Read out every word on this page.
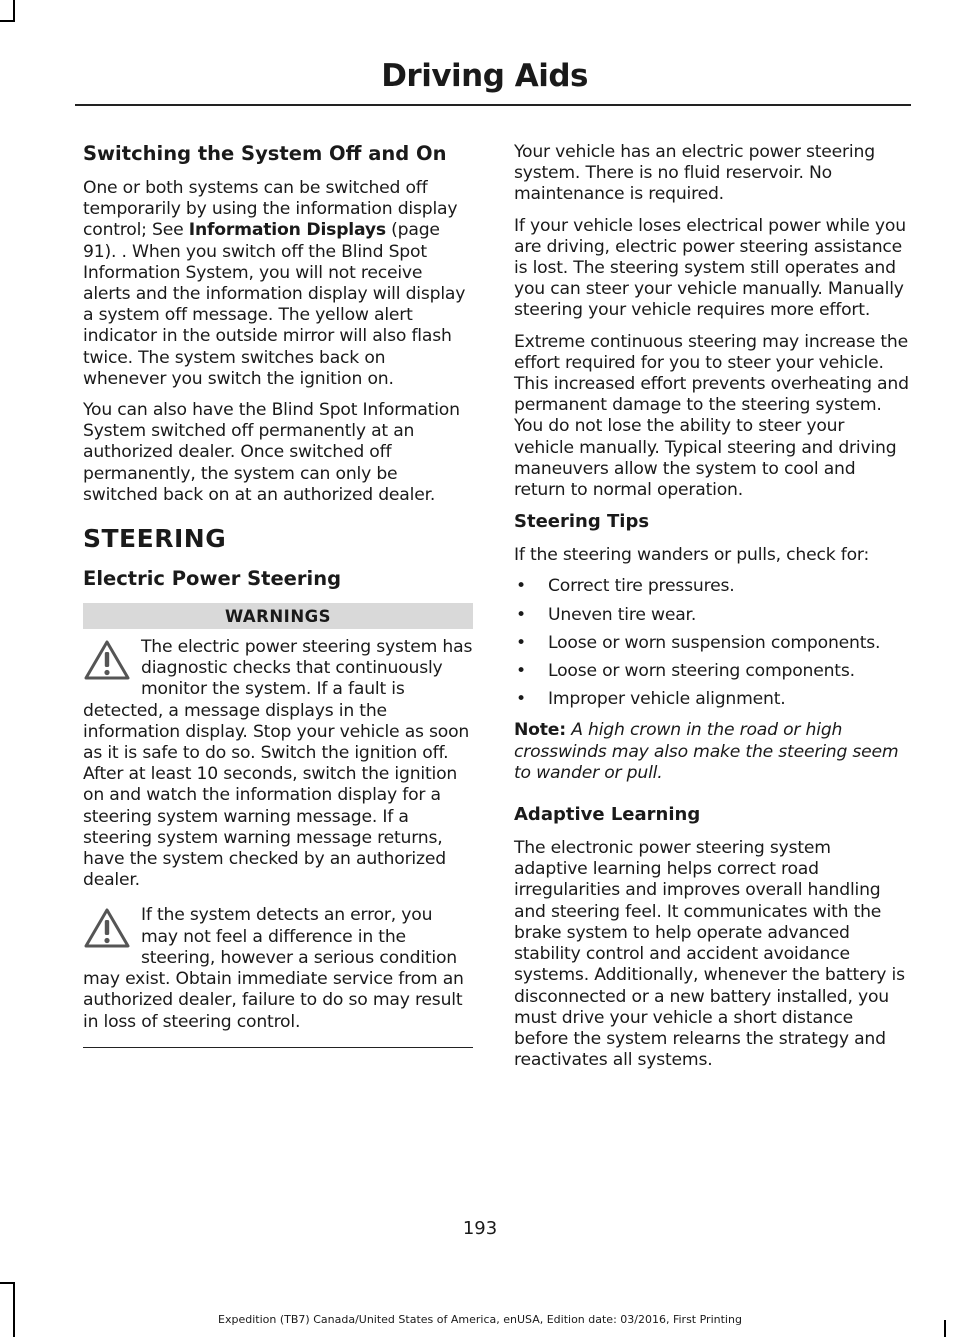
Driving Aids
Switching the System Off and On

One or both systems can be switched off temporarily by using the information display control; See Information Displays (page 91). . When you switch off the Blind Spot Information System, you will not receive alerts and the information display will display a system off message. The yellow alert indicator in the outside mirror will also flash twice. The system switches back on whenever you switch the ignition on.

You can also have the Blind Spot Information System switched off permanently at an authorized dealer. Once switched off permanently, the system can only be switched back on at an authorized dealer.

STEERING
Electric Power Steering
WARNINGS

The electric power steering system has diagnostic checks that continuously monitor the system. If a fault is detected, a message displays in the information display. Stop your vehicle as soon as it is safe to do so. Switch the ignition off. After at least 10 seconds, switch the ignition on and watch the information display for a steering system warning message. If a steering system warning message returns, have the system checked by an authorized dealer.

If the system detects an error, you may not feel a difference in the steering, however a serious condition may exist. Obtain immediate service from an authorized dealer, failure to do so may result in loss of steering control.

Your vehicle has an electric power steering system. There is no fluid reservoir. No maintenance is required.

If your vehicle loses electrical power while you are driving, electric power steering assistance is lost. The steering system still operates and you can steer your vehicle manually. Manually steering your vehicle requires more effort.

Extreme continuous steering may increase the effort required for you to steer your vehicle. This increased effort prevents overheating and permanent damage to the steering system. You do not lose the ability to steer your vehicle manually. Typical steering and driving maneuvers allow the system to cool and return to normal operation.

Steering Tips

If the steering wanders or pulls, check for:

• Correct tire pressures.
• Uneven tire wear.
• Loose or worn suspension components.
• Loose or worn steering components.
• Improper vehicle alignment.

Note: A high crown in the road or high crosswinds may also make the steering seem to wander or pull.

Adaptive Learning

The electronic power steering system adaptive learning helps correct road irregularities and improves overall handling and steering feel. It communicates with the brake system to help operate advanced stability control and accident avoidance systems. Additionally, whenever the battery is disconnected or a new battery installed, you must drive your vehicle a short distance before the system relearns the strategy and reactivates all systems.

193
Expedition (TB7) Canada/United States of America, enUSA, Edition date: 03/2016, First Printing
